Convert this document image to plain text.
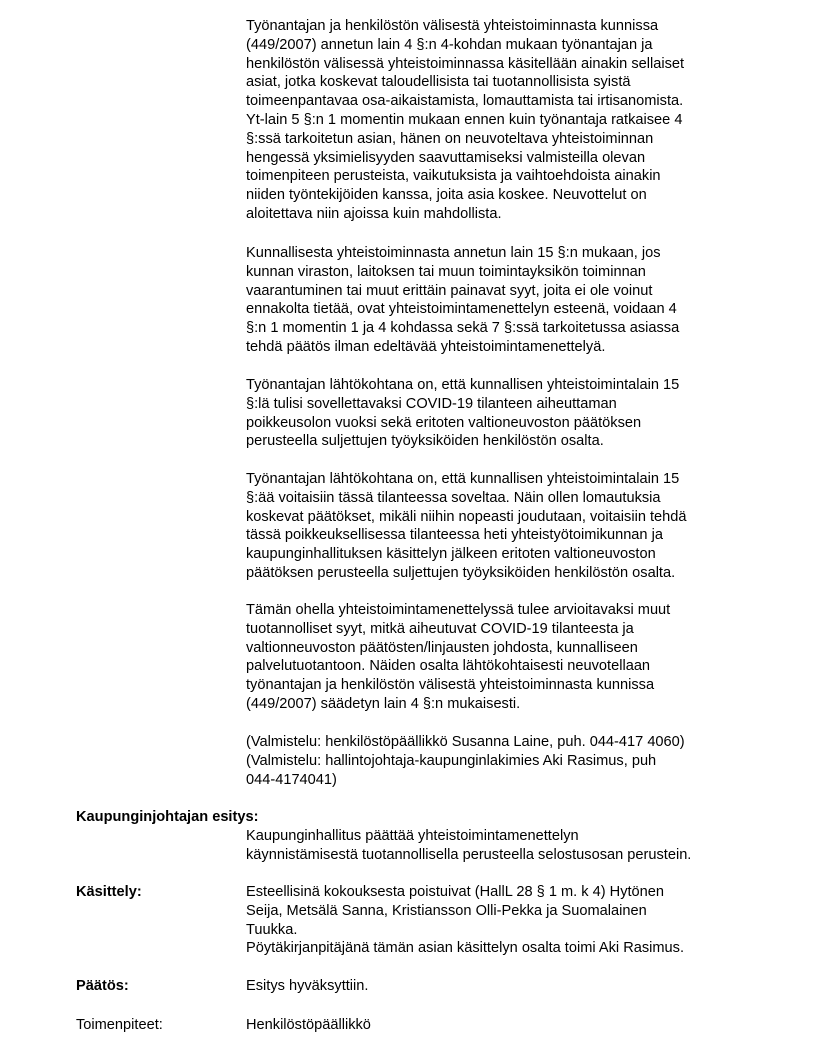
Työnantajan ja henkilöstön välisestä yhteistoiminnasta kunnissa
(449/2007) annetun lain 4 §:n 4-kohdan mukaan työnantajan ja
henkilöstön välisessä yhteistoiminnassa käsitellään ainakin sellaiset
asiat, jotka koskevat taloudellisista tai tuotannollisista syistä
toimeenpantavaa osa-aikaistamista, lomauttamista tai irtisanomista.
Yt-lain 5 §:n 1 momentin mukaan ennen kuin työnantaja ratkaisee 4
§:ssä tarkoitetun asian, hänen on neuvoteltava yhteistoiminnan
hengessä yksimielisyyden saavuttamiseksi valmisteilla olevan
toimenpiteen perusteista, vaikutuksista ja vaihtoehdoista ainakin
niiden työntekijöiden kanssa, joita asia koskee. Neuvottelut on
aloitettava niin ajoissa kuin mahdollista.
Kunnallisesta yhteistoiminnasta annetun lain 15 §:n mukaan, jos
kunnan viraston, laitoksen tai muun toimintayksikön toiminnan
vaarantuminen tai muut erittäin painavat syyt, joita ei ole voinut
ennakolta tietää, ovat yhteistoimintamenettelyn esteenä, voidaan 4
§:n 1 momentin 1 ja 4 kohdassa sekä 7 §:ssä tarkoitetussa asiassa
tehdä päätös ilman edeltävää yhteistoimintamenettelyä.
Työnantajan lähtökohtana on, että kunnallisen yhteistoimintalain 15
§:lä tulisi sovellettavaksi COVID-19 tilanteen aiheuttaman
poikkeusolon vuoksi sekä eritoten valtioneuvoston päätöksen
perusteella suljettujen työyksiköiden henkilöstön osalta.
Työnantajan lähtökohtana on, että kunnallisen yhteistoimintalain 15
§:ää voitaisiin tässä tilanteessa soveltaa. Näin ollen lomautuksia
koskevat päätökset, mikäli niihin nopeasti joudutaan, voitaisiin tehdä
tässä poikkeuksellisessa tilanteessa heti yhteistyötoimikunnan ja
kaupunginhallituksen käsittelyn jälkeen eritoten valtioneuvoston
päätöksen perusteella suljettujen työyksiköiden henkilöstön osalta.
Tämän ohella yhteistoimintamenettelyssä tulee arvioitavaksi muut
tuotannolliset syyt, mitkä aiheutuvat COVID-19 tilanteesta ja
valtionneuvoston päätösten/linjausten johdosta, kunnalliseen
palvelutuotantoon. Näiden osalta lähtökohtaisesti neuvotellaan
työnantajan ja henkilöstön välisestä yhteistoiminnasta kunnissa
(449/2007) säädetyn lain 4 §:n mukaisesti.
(Valmistelu: henkilöstöpäällikkö Susanna Laine, puh. 044-417 4060)
(Valmistelu: hallintojohtaja-kaupunginlakimies Aki Rasimus, puh
044-4174041)
Kaupunginjohtajan esitys:
Kaupunginhallitus päättää yhteistoimintamenettelyn
käynnistämisestä tuotannollisella perusteella selostusosan perustein.
Käsittely:	Esteellisinä kokouksesta poistuivat (HallL 28 § 1 m. k 4) Hytönen
Seija, Metsälä Sanna, Kristiansson Olli-Pekka ja Suomalainen
Tuukka.
Pöytäkirjanpitäjänä tämän asian käsittelyn osalta toimi Aki Rasimus.
Päätös:	Esitys hyväksyttiin.
Toimenpiteet:	Henkilöstöpäällikkö
